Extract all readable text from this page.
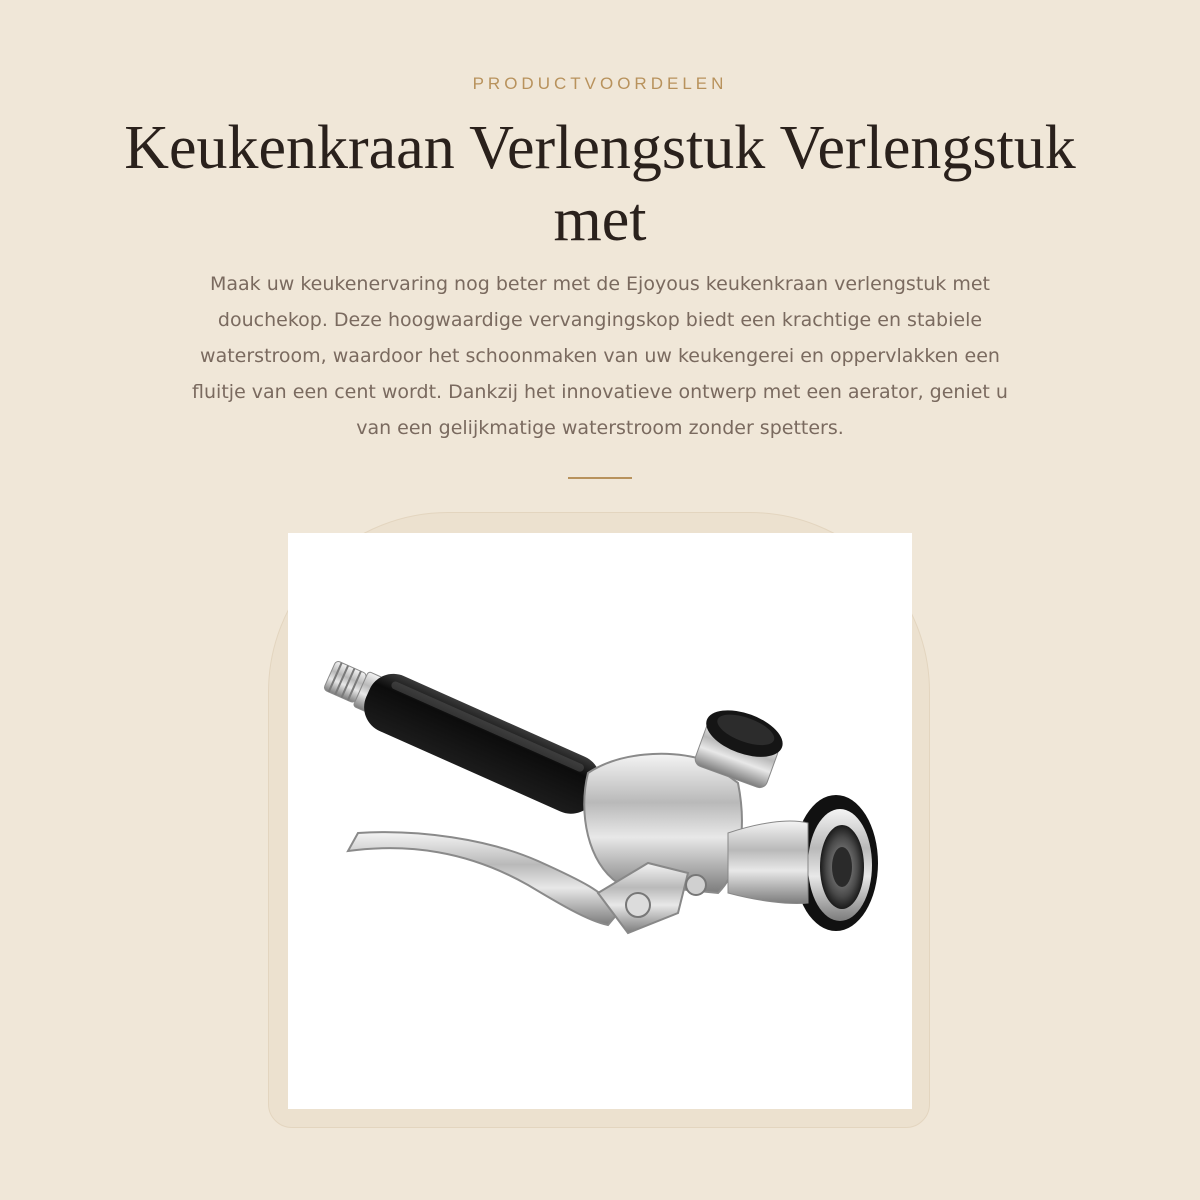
PRODUCTVOORDELEN
Keukenkraan Verlengstuk Verlengstuk met

Maak uw keukenervaring nog beter met de Ejoyous keukenkraan verlengstuk met douchekop. Deze hoogwaardige vervangingskop biedt een krachtige en stabiele waterstroom, waardoor het schoonmaken van uw keukengerei en oppervlakken een fluitje van een cent wordt. Dankzij het innovatieve ontwerp met een aerator, geniet u van een gelijkmatige waterstroom zonder spetters.
